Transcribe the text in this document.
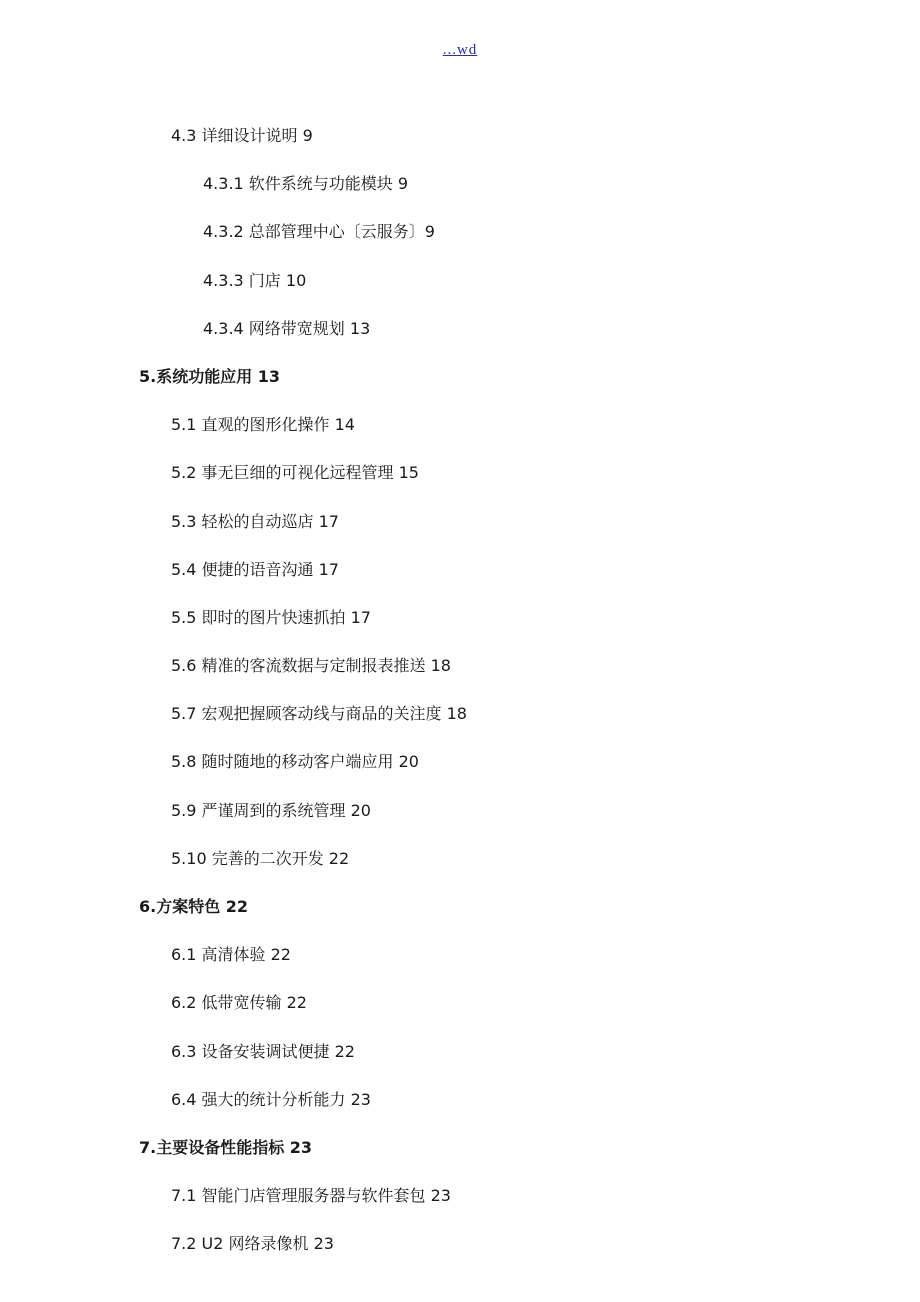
...wd
4.3 详细设计说明 9
4.3.1 软件系统与功能模块 9
4.3.2 总部管理中心〔云服务〕9
4.3.3 门店 10
4.3.4 网络带宽规划 13
5.系统功能应用 13
5.1 直观的图形化操作 14
5.2 事无巨细的可视化远程管理 15
5.3 轻松的自动巡店 17
5.4 便捷的语音沟通 17
5.5 即时的图片快速抓拍 17
5.6 精准的客流数据与定制报表推送 18
5.7 宏观把握顾客动线与商品的关注度 18
5.8 随时随地的移动客户端应用 20
5.9 严谨周到的系统管理 20
5.10 完善的二次开发 22
6.方案特色 22
6.1 高清体验 22
6.2 低带宽传输 22
6.3 设备安装调试便捷 22
6.4 强大的统计分析能力 23
7.主要设备性能指标 23
7.1 智能门店管理服务器与软件套包 23
7.2 U2 网络录像机 23
